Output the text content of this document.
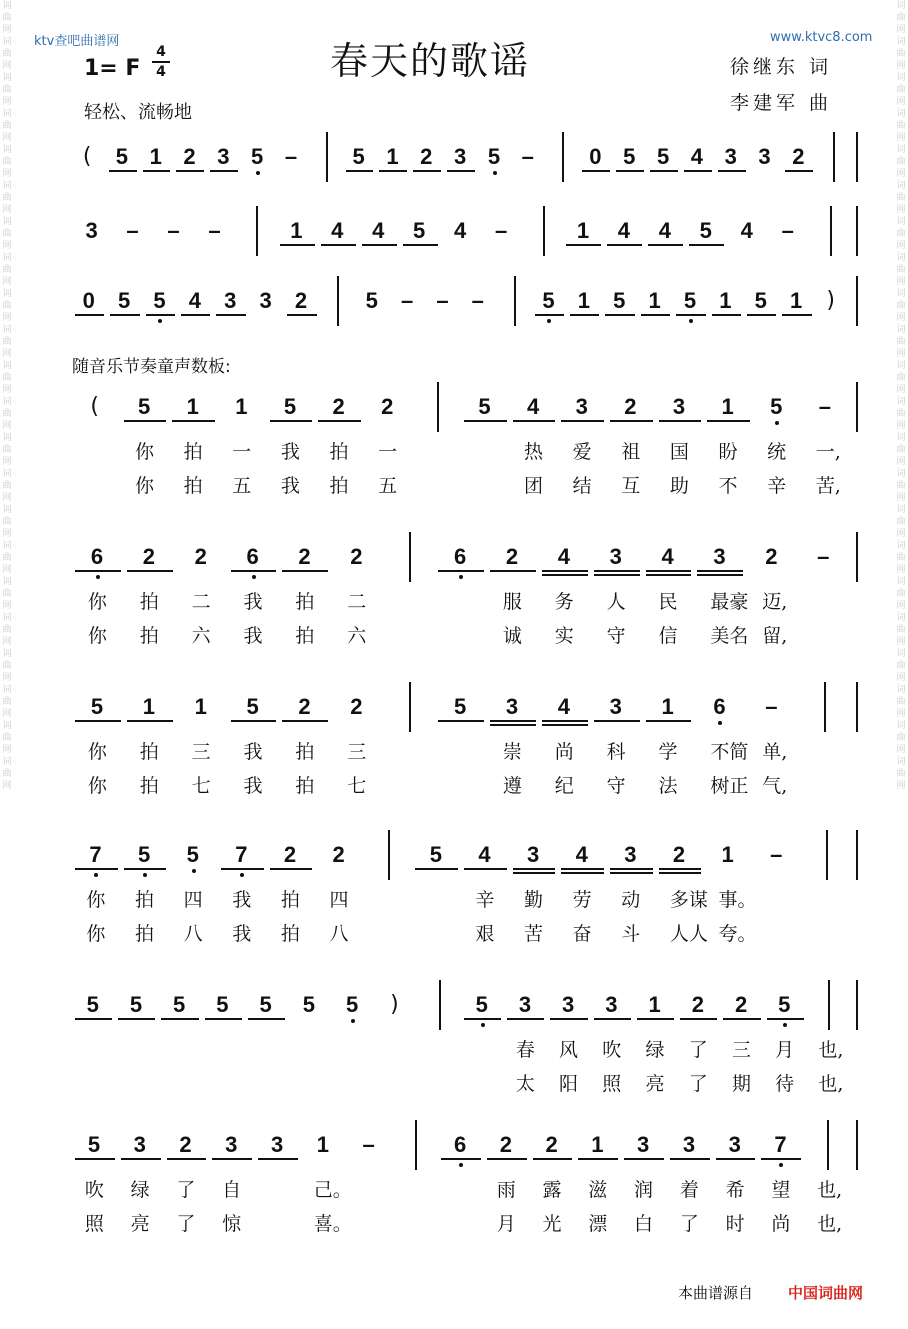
词
曲
网
词
曲
网
词
曲
网
词
曲
网
词
曲
网
词
曲
网
词
曲
网
词
曲
网
词
曲
网
词
曲
网
词
曲
网
词
曲
网
词
曲
网
词
曲
网
词
曲
网
词
曲
网
词
曲
网
词
曲
网
词
曲
网
词
曲
网
词
曲
网
词
曲
网
词
曲
网
词
曲
网
词
曲
网
词
曲
网
词
曲
网
词
曲
网
词
曲
网
词
曲
网
词
曲
网
词
曲
网
词
曲
网
词
曲
网
词
曲
网
词
曲
网
词
曲
网
词
曲
网
词
曲
网
词
曲
网
词
曲
网
词
曲
网
词
曲
网
词
曲
网
ktv查吧曲谱网	www.ktvc8.com
春天的歌谣
1= F
4
4
轻松、流畅地
徐继东 词
李建军 曲
随音乐节奏童声数板:
( 5 1 2 3 5 –	5 1 2 3 5 –	0 5 5 4 3 3 2
3 – – –	1 4 4 5 4 –	1 4 4 5 4 –
0 5 5 4 3 3 2	5 – – –	5 1 5 1 5 1 5 1 )
( 5 1 1 5 2 2	5 4 3 2 3 1 5 –
你 拍 一 我 拍 一	热 爱 祖 国 盼 统 一,
你 拍 五 我 拍 五	团 结 互 助 不 辛 苦,
6 2 2 6 2 2	6 2 4 3 4 3 2 –
你 拍 二 我 拍 二	服 务 人 民 最豪 迈,
你 拍 六 我 拍 六	诚 实 守 信 美名 留,
5 1 1 5 2 2	5 3 4 3 1 6 –
你 拍 三 我 拍 三	崇 尚 科 学 不简 单,
你 拍 七 我 拍 七	遵 纪 守 法 树正 气,
7 5 5 7 2 2	5 4 3 4 3 2 1 –
你 拍 四 我 拍 四	辛 勤 劳 动 多谋 事。
你 拍 八 我 拍 八	艰 苦 奋 斗 人人 夸。
5 5 5 5 5 5 5 )	5 3 3 3 1 2 2 5
春 风 吹 绿 了 三 月 也,
太 阳 照 亮 了 期 待 也,
5 3 2 3 3 1 –	6 2 2 1 3 3 3 7
吹 绿 了 自	己。	雨 露 滋 润 着 希 望 也,
照 亮 了 惊	喜。	月 光 漂 白 了 时 尚 也,
本曲谱源自 中国词曲网
